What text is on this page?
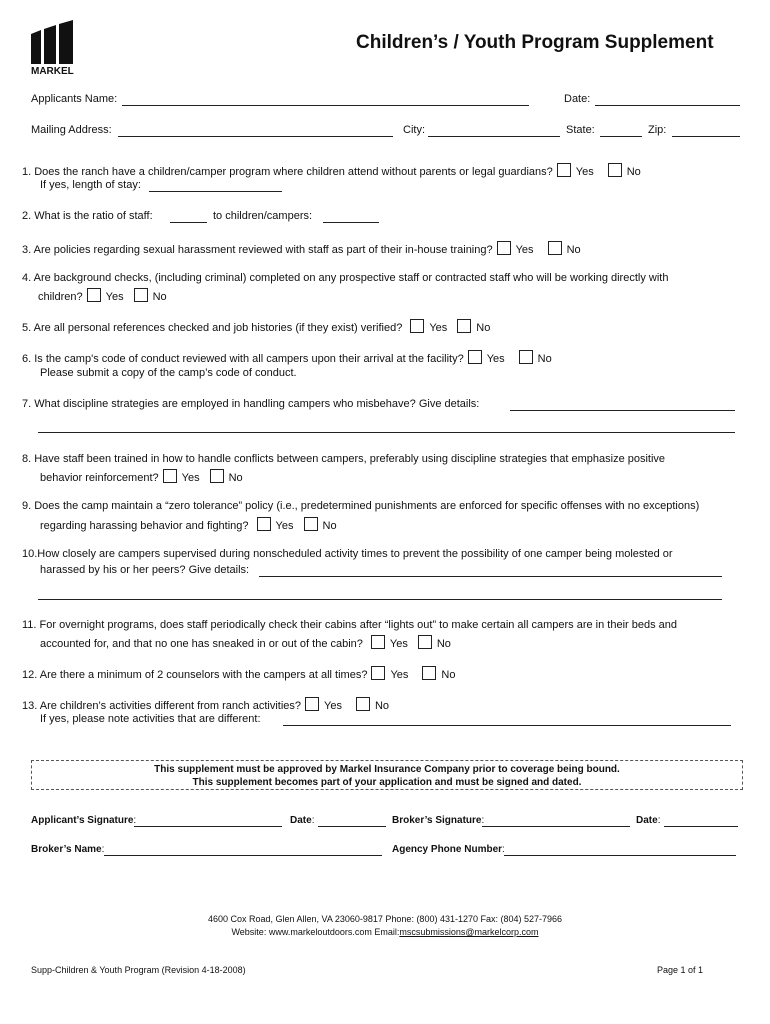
MARKEL
Children’s / Youth Program Supplement
Applicants Name:	Date:
Mailing Address:	City:	State:	Zip:
1. Does the ranch have a children/camper program where children attend without parents or legal guardians? Yes	No
If yes, length of stay:
2. What is the ratio of staff:	to children/campers:
3. Are policies regarding sexual harassment reviewed with staff as part of their in-house training? Yes	No
4. Are background checks, (including criminal) completed on any prospective staff or contracted staff who will be working directly with
children? Yes	No
5. Are all personal references checked and job histories (if they exist) verified? Yes	No
6. Is the camp's code of conduct reviewed with all campers upon their arrival at the facility? Yes	No
Please submit a copy of the camp’s code of conduct.
7. What discipline strategies are employed in handling campers who misbehave? Give details:
8. Have staff been trained in how to handle conflicts between campers, preferably using discipline strategies that emphasize positive
behavior reinforcement? Yes	No
9. Does the camp maintain a “zero tolerance” policy (i.e., predetermined punishments are enforced for specific offenses with no exceptions)
regarding harassing behavior and fighting? Yes	No
10.How closely are campers supervised during nonscheduled activity times to prevent the possibility of one camper being molested or
harassed by his or her peers? Give details:
11. For overnight programs, does staff periodically check their cabins after “lights out” to make certain all campers are in their beds and
accounted for, and that no one has sneaked in or out of the cabin? Yes	No
12. Are there a minimum of 2 counselors with the campers at all times? Yes	No
13. Are children’s activities different from ranch activities? Yes	No
If yes, please note activities that are different:
This supplement must be approved by Markel Insurance Company prior to coverage being bound.
This supplement becomes part of your application and must be signed and dated.
Applicant’s Signature:	Date:	Broker’s Signature:	Date:
Broker’s Name:	Agency Phone Number:
4600 Cox Road, Glen Allen, VA 23060-9817 Phone: (800) 431-1270 Fax: (804) 527-7966
Website: www.markeloutdoors.com Email:mscsubmissions@markelcorp.com
Supp-Children & Youth Program (Revision 4-18-2008)	Page 1 of 1
